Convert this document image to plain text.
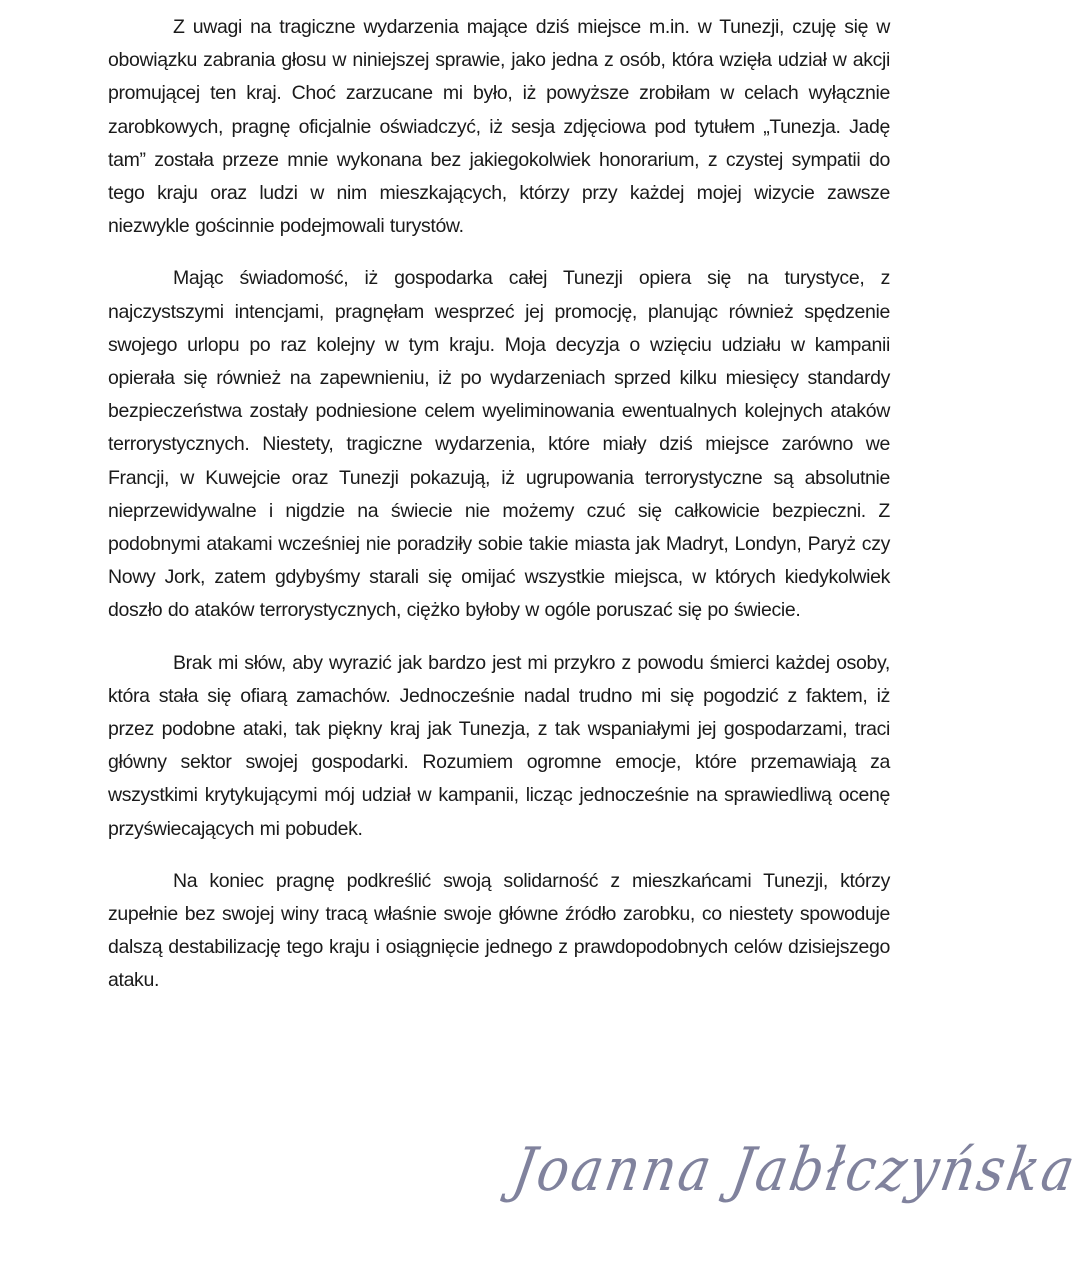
Z uwagi na tragiczne wydarzenia mające dziś miejsce m.in. w Tunezji, czuję się w obowiązku zabrania głosu w niniejszej sprawie, jako jedna z osób, która wzięła udział w akcji promującej ten kraj. Choć zarzucane mi było, iż powyższe zrobiłam w celach wyłącznie zarobkowych, pragnę oficjalnie oświadczyć, iż sesja zdjęciowa pod tytułem „Tunezja. Jadę tam” została przeze mnie wykonana bez jakiegokolwiek honorarium, z czystej sympatii do tego kraju oraz ludzi w nim mieszkających, którzy przy każdej mojej wizycie zawsze niezwykle gościnnie podejmowali turystów.

Mając świadomość, iż gospodarka całej Tunezji opiera się na turystyce, z najczystszymi intencjami, pragnęłam wesprzeć jej promocję, planując również spędzenie swojego urlopu po raz kolejny w tym kraju. Moja decyzja o wzięciu udziału w kampanii opierała się również na zapewnieniu, iż po wydarzeniach sprzed kilku miesięcy standardy bezpieczeństwa zostały podniesione celem wyeliminowania ewentualnych kolejnych ataków terrorystycznych. Niestety, tragiczne wydarzenia, które miały dziś miejsce zarówno we Francji, w Kuwejcie oraz Tunezji pokazują, iż ugrupowania terrorystyczne są absolutnie nieprzewidywalne i nigdzie na świecie nie możemy czuć się całkowicie bezpieczni. Z podobnymi atakami wcześniej nie poradziły sobie takie miasta jak Madryt, Londyn, Paryż czy Nowy Jork, zatem gdybyśmy starali się omijać wszystkie miejsca, w których kiedykolwiek doszło do ataków terrorystycznych, ciężko byłoby w ogóle poruszać się po świecie.

Brak mi słów, aby wyrazić jak bardzo jest mi przykro z powodu śmierci każdej osoby, która stała się ofiarą zamachów. Jednocześnie nadal trudno mi się pogodzić z faktem, iż przez podobne ataki, tak piękny kraj jak Tunezja, z tak wspaniałymi jej gospodarzami, traci główny sektor swojej gospodarki. Rozumiem ogromne emocje, które przemawiają za wszystkimi krytykującymi mój udział w kampanii, licząc jednocześnie na sprawiedliwą ocenę przyświecających mi pobudek.

Na koniec pragnę podkreślić swoją solidarność z mieszkańcami Tunezji, którzy zupełnie bez swojej winy tracą właśnie swoje główne źródło zarobku, co niestety spowoduje dalszą destabilizację tego kraju i osiągnięcie jednego z prawdopodobnych celów dzisiejszego ataku.

Joanna Jabłczyńska
